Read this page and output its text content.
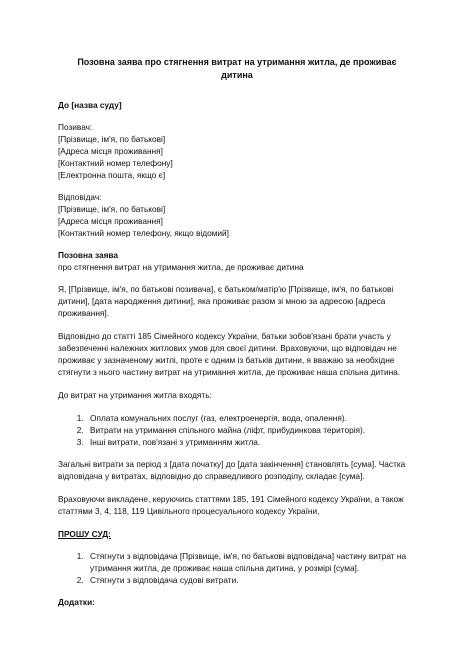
Позовна заява про стягнення витрат на утримання житла, де проживає дитина
До [назва суду]
Позивач:
[Прізвище, ім'я, по батькові]
[Адреса місця проживання]
[Контактний номер телефону]
[Електронна пошта, якщо є]
Відповідач:
[Прізвище, ім'я, по батькові]
[Адреса місця проживання]
[Контактний номер телефону, якщо відомий]
Позовна заява
про стягнення витрат на утримання житла, де проживає дитина

Я, [Прізвище, ім'я, по батькові позивача], є батьком/матір'ю [Прізвище, ім'я, по батькові дитини], [дата народження дитини], яка проживає разом зі мною за адресою [адреса проживання].

Відповідно до статті 185 Сімейного кодексу України, батьки зобов'язані брати участь у забезпеченні належних житлових умов для своєї дитини. Враховуючи, що відповідач не проживає у зазначеному житлі, проте є одним із батьків дитини, я вважаю за необхідне стягнути з нього частину витрат на утримання житла, де проживає наша спільна дитина.

До витрат на утримання житла входять:

1. Оплата комунальних послуг (газ, електроенергія, вода, опалення).
2. Витрати на утримання спільного майна (ліфт, прибудинкова територія).
3. Інші витрати, пов'язані з утриманням житла.

Загальні витрати за період з [дата початку] до [дата закінчення] становлять [сума]. Частка відповідача у витратах, відповідно до справедливого розподілу, складає [сума].

Враховуючи викладене, керуючись статтями 185, 191 Сімейного кодексу України, а також статтями 3, 4, 118, 119 Цивільного процесуального кодексу України,

ПРОШУ СУД:
1. Стягнути з відповідача [Прізвище, ім'я, по батькові відповідача] частину витрат на утримання житла, де проживає наша спільна дитина, у розмірі [сума].
2. Стягнути з відповідача судові витрати.
Додатки:
